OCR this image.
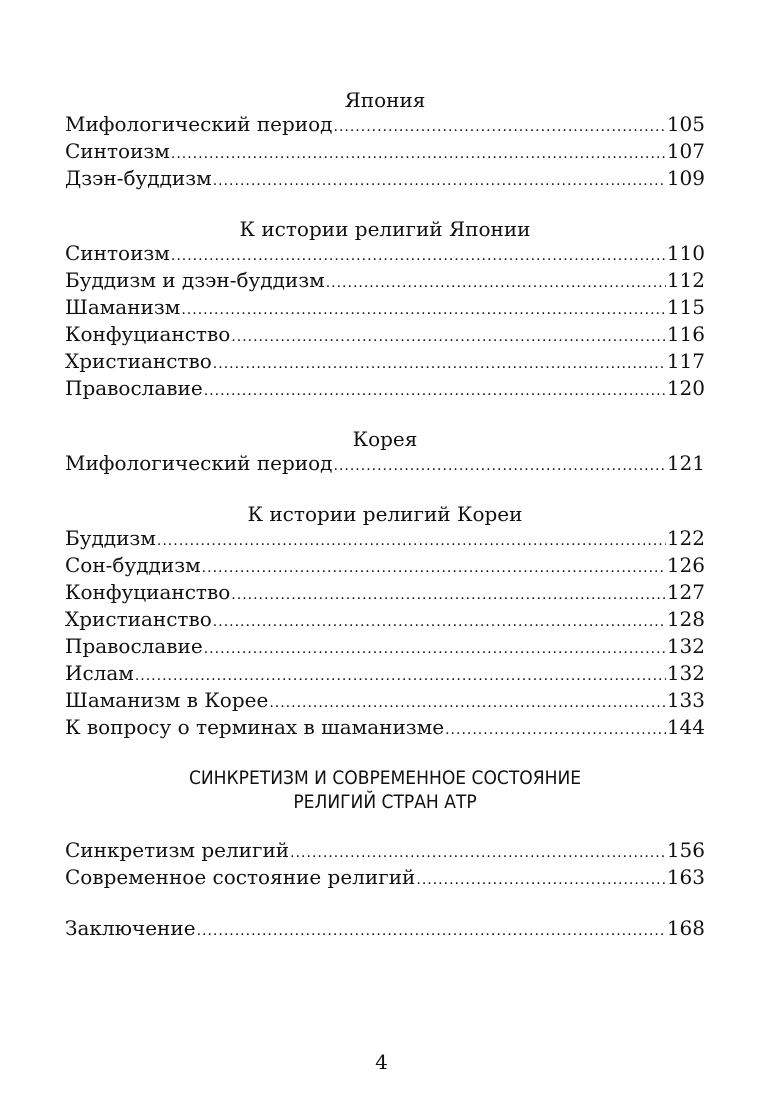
Япония
Мифологический период .....	105
Синтоизм .....	107
Дзэн-буддизм .....	109
К истории религий Японии
Синтоизм .....	110
Буддизм и дзэн-буддизм .....	112
Шаманизм .....	115
Конфуцианство .....	116
Христианство .....	117
Православие .....	120
Корея
Мифологический период .....	121
К истории религий Кореи
Буддизм .....	122
Сон-буддизм .....	126
Конфуцианство .....	127
Христианство .....	128
Православие .....	132
Ислам .....	132
Шаманизм в Корее .....	133
К вопросу о терминах в шаманизме .....	144
СИНКРЕТИЗМ И СОВРЕМЕННОЕ СОСТОЯНИЕ
РЕЛИГИЙ СТРАН АТР
Синкретизм религий .....	156
Современное состояние религий .....	163
Заключение .....	168
4
